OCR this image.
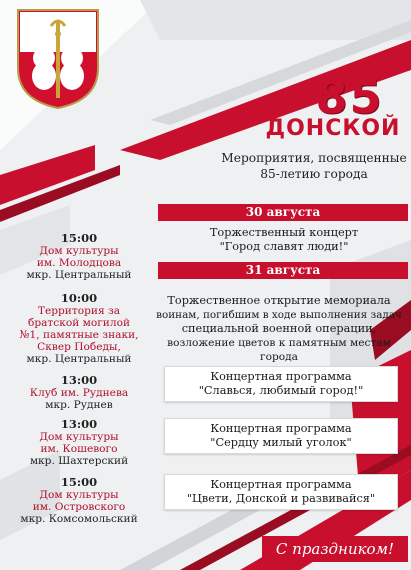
85
ДОНСКОЙ
Мероприятия, посвященные
85-летию города
30 августа
15:00
Дом культуры
им. Молодцова
мкр. Центральный
Торжественный концерт
"Город славят люди!"
31 августа
10:00
Территория за
братской могилой
№1, памятные знаки,
Сквер Победы,
мкр. Центральный
Торжественное открытие мемориала
воинам, погибшим в ходе выполнения задач
специальной военной операции,
возложение цветов к памятным местам города
13:00
Клуб им. Руднева
мкр. Руднев
Концертная программа
"Славься, любимый город!"
13:00
Дом культуры
им. Кошевого
мкр. Шахтерский
Концертная программа
"Сердцу милый уголок"
15:00
Дом культуры
им. Островского
мкр. Комсомольский
Концертная программа
"Цвети, Донской и развивайся"
С праздником!
